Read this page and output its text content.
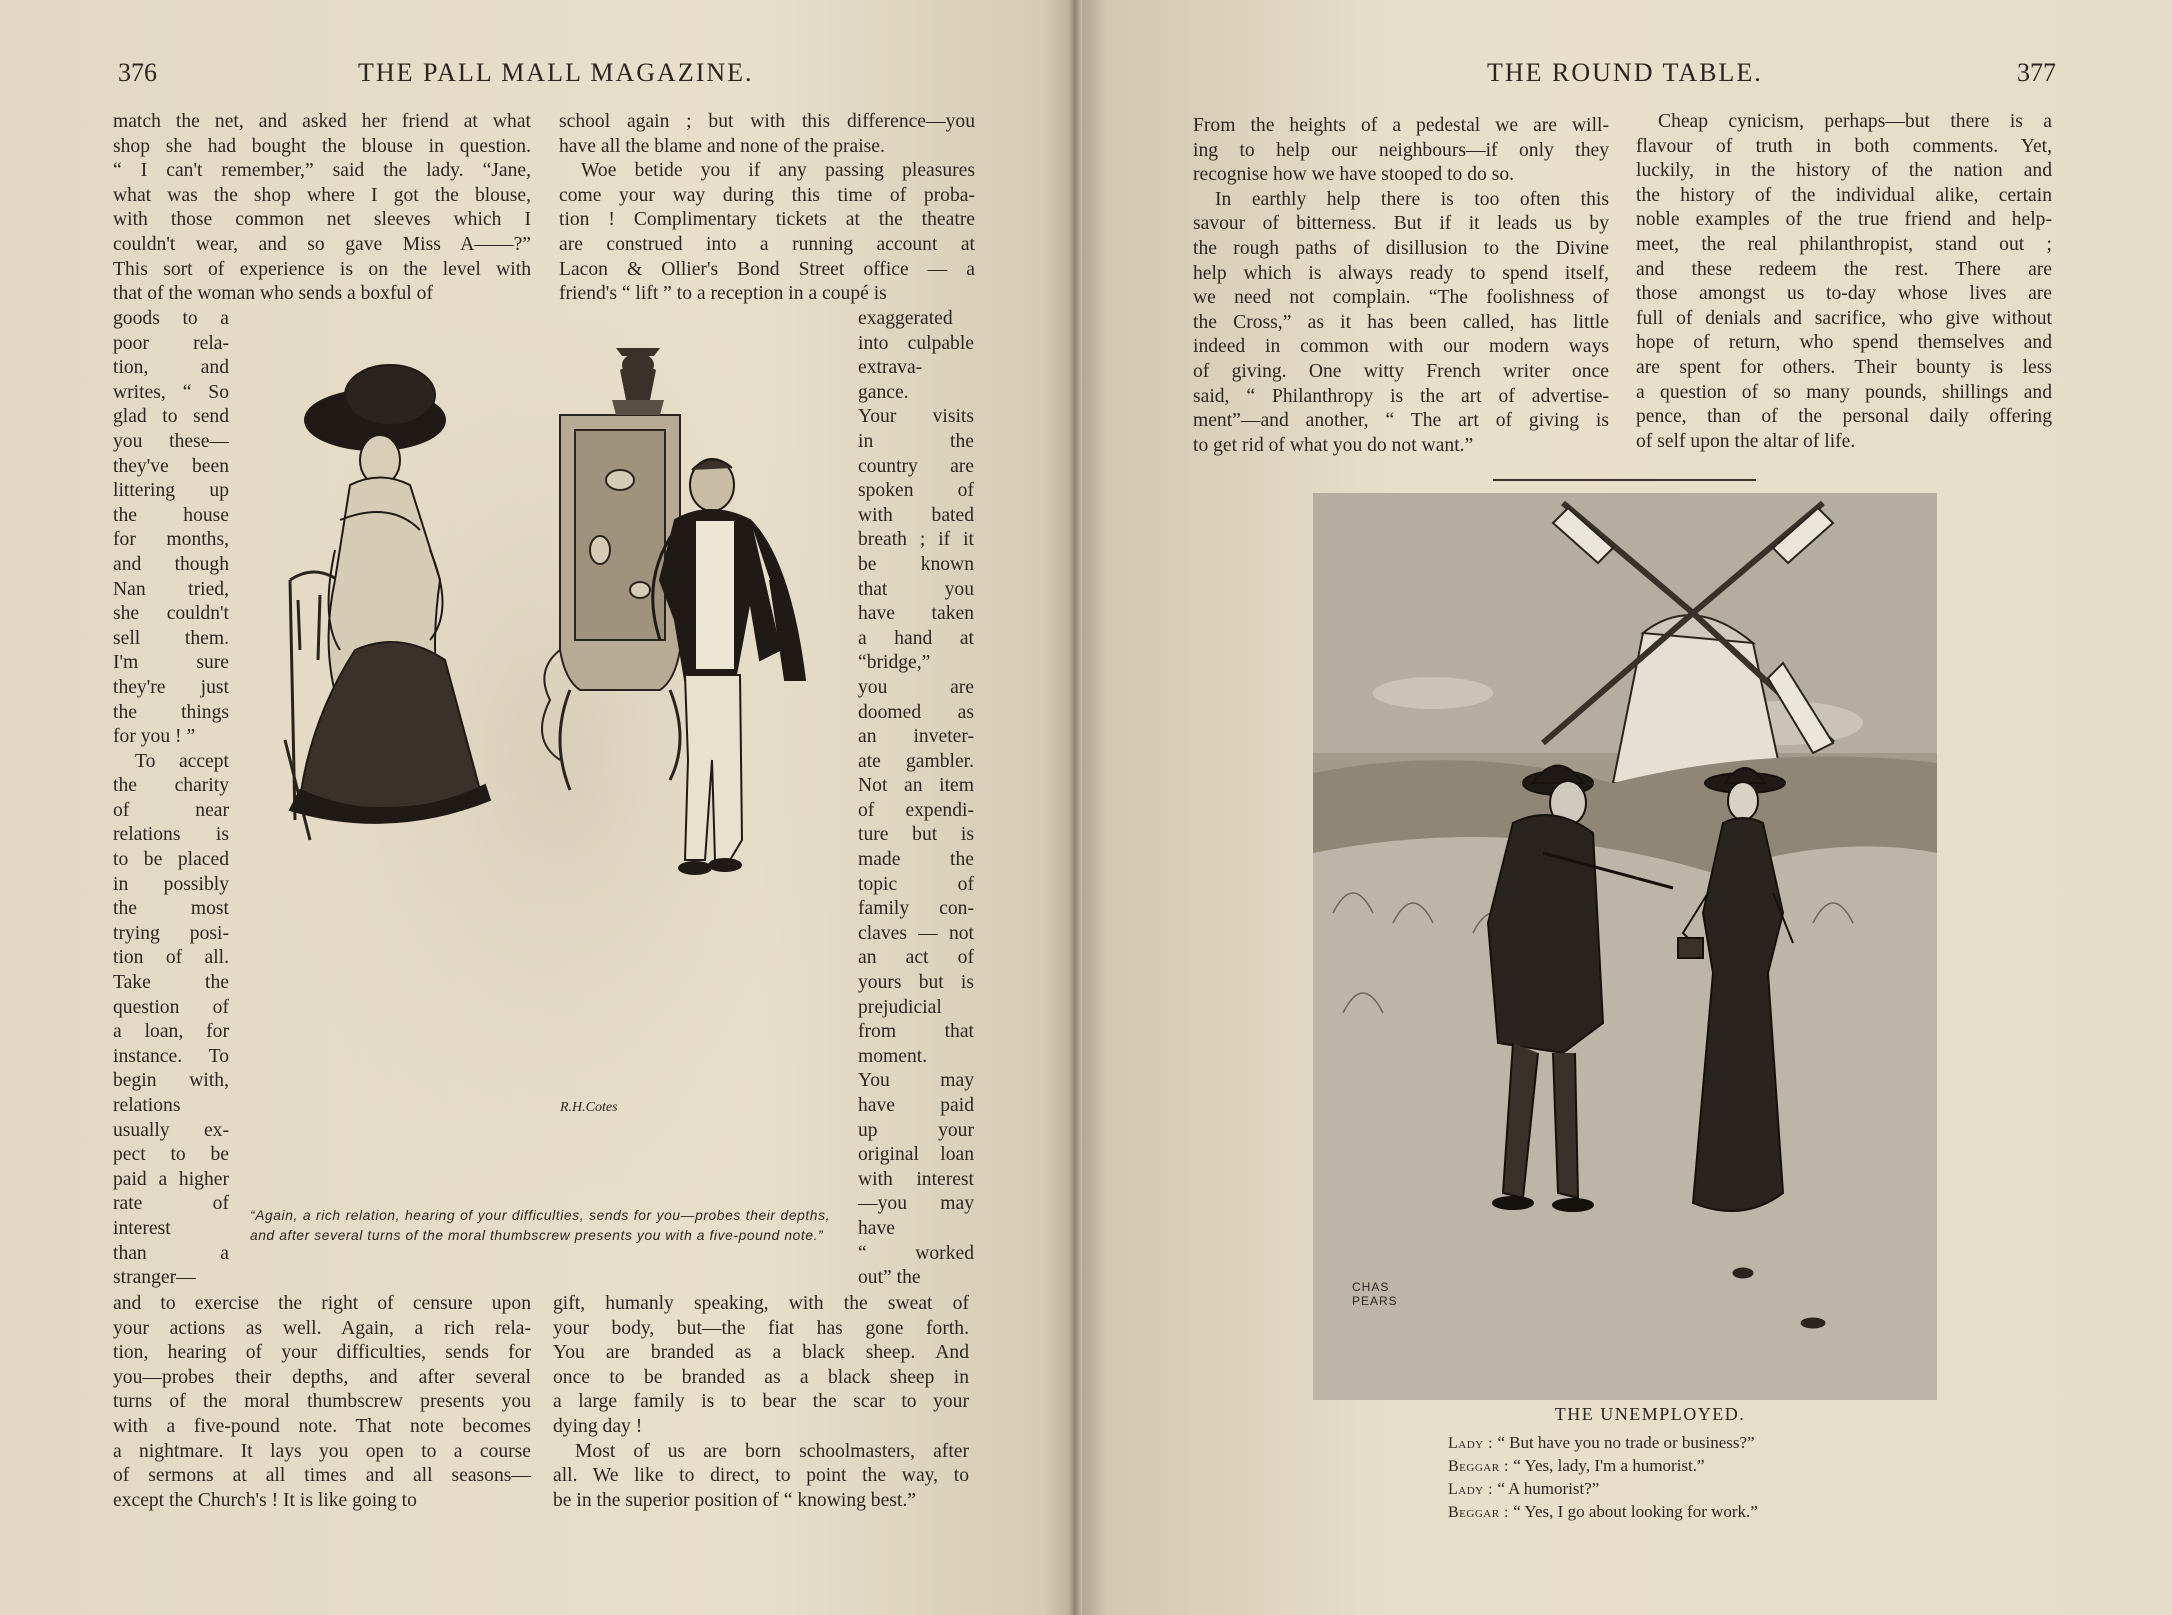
376	THE PALL MALL MAGAZINE.
match the net, and asked her friend at what
shop she had bought the blouse in question.
“ I can't remember,” said the lady. “Jane,
what was the shop where I got the blouse,
with those common net sleeves which I
couldn't wear, and so gave Miss A——?”
This sort of experience is on the level with
that of the woman who sends a boxful of
goods to a
poor rela-
tion, and
writes, “ So
glad to send
you these—
they've been
littering up
the house
for months,
and though
Nan tried,
she couldn't
sell them.
I'm sure
they're just
the things
for you ! ”
To accept
the charity
of near
relations is
to be placed
in possibly
the most
trying posi-
tion of all.
Take the
question of
a loan, for
instance. To
begin with,
relations
usually ex-
pect to be
paid a higher
rate of
interest
than a
stranger—
and to exercise the right of censure upon
your actions as well. Again, a rich rela-
tion, hearing of your difficulties, sends for
you—probes their depths, and after several
turns of the moral thumbscrew presents you
with a five-pound note. That note becomes
a nightmare. It lays you open to a course
of sermons at all times and all seasons—
except the Church's ! It is like going to
school again ; but with this difference—you
have all the blame and none of the praise.
Woe betide you if any passing pleasures
come your way during this time of proba-
tion ! Complimentary tickets at the theatre
are construed into a running account at
Lacon & Ollier's Bond Street office — a
friend's “ lift ” to a reception in a coupé is
exaggerated
into culpable
extrava-
gance.
Your visits
in the
country are
spoken of
with bated
breath ; if it
be known
that you
have taken
a hand at
“bridge,”
you are
doomed as
an inveter-
ate gambler.
Not an item
of expendi-
ture but is
made the
topic of
family con-
claves — not
an act of
yours but is
prejudicial
from that
moment.
You may
have paid
up your
original loan
with interest
—you may
have
“ worked
out” the
gift, humanly speaking, with the sweat of
your body, but—the fiat has gone forth.
You are branded as a black sheep. And
once to be branded as a black sheep in
a large family is to bear the scar to your
dying day !
Most of us are born schoolmasters, after
all. We like to direct, to point the way, to
be in the superior position of “ knowing best.”
R.H.Cotes
“Again, a rich relation, hearing of your difficulties, sends for you—probes their depths, and after several turns of the moral thumbscrew presents you with a five-pound note.”
THE ROUND TABLE.	377
From the heights of a pedestal we are will-
ing to help our neighbours—if only they
recognise how we have stooped to do so.
In earthly help there is too often this
savour of bitterness. But if it leads us by
the rough paths of disillusion to the Divine
help which is always ready to spend itself,
we need not complain. “The foolishness of
the Cross,” as it has been called, has little
indeed in common with our modern ways
of giving. One witty French writer once
said, “ Philanthropy is the art of advertise-
ment”—and another, “ The art of giving is
to get rid of what you do not want.”
Cheap cynicism, perhaps—but there is a
flavour of truth in both comments. Yet,
luckily, in the history of the nation and
the history of the individual alike, certain
noble examples of the true friend and help-
meet, the real philanthropist, stand out ;
and these redeem the rest. There are
those amongst us to-day whose lives are
full of denials and sacrifice, who give without
hope of return, who spend themselves and
are spent for others. Their bounty is less
a question of so many pounds, shillings and
pence, than of the personal daily offering
of self upon the altar of life.
CHAS PEARS
THE UNEMPLOYED.
Lady : “ But have you no trade or business?”
Beggar : “ Yes, lady, I'm a humorist.”
Lady : “ A humorist?”
Beggar : “ Yes, I go about looking for work.”
